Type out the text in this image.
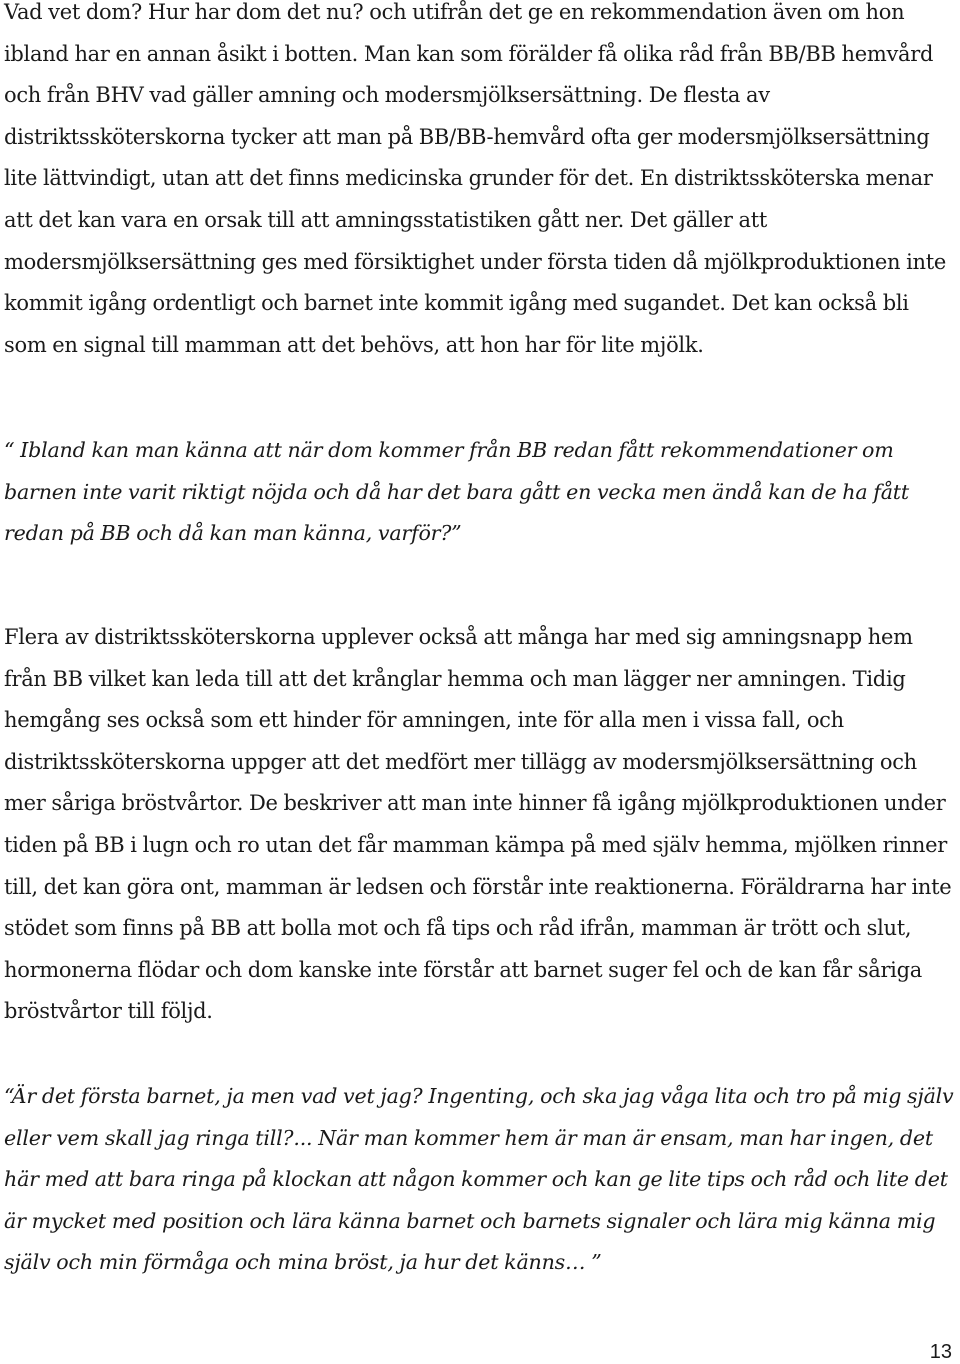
Vad vet dom? Hur har dom det nu? och utifrån det ge en rekommendation även om hon ibland har en annan åsikt i botten. Man kan som förälder få olika råd från BB/BB hemvård och från BHV vad gäller amning och modersmjölksersättning. De flesta av distriktssköterskorna tycker att man på BB/BB-hemvård ofta ger modersmjölksersättning lite lättvindigt, utan att det finns medicinska grunder för det. En distriktssköterska menar att det kan vara en orsak till att amningsstatistiken gått ner. Det gäller att modersmjölksersättning ges med försiktighet under första tiden då mjölkproduktionen inte kommit igång ordentligt och barnet inte kommit igång med sugandet. Det kan också bli som en signal till mamman att det behövs, att hon har för lite mjölk.

“ Ibland kan man känna att när dom kommer från BB redan fått rekommendationer om barnen inte varit riktigt nöjda och då har det bara gått en vecka men ändå kan de ha fått redan på BB och då kan man känna, varför?”

Flera av distriktssköterskorna upplever också att många har med sig amningsnapp hem från BB vilket kan leda till att det krånglar hemma och man lägger ner amningen. Tidig hemgång ses också som ett hinder för amningen, inte för alla men i vissa fall, och distriktssköterskorna uppger att det medfört mer tillägg av modersmjölksersättning och mer såriga bröstvårtor. De beskriver att man inte hinner få igång mjölkproduktionen under tiden på BB i lugn och ro utan det får mamman kämpa på med själv hemma, mjölken rinner till, det kan göra ont, mamman är ledsen och förstår inte reaktionerna. Föräldrarna har inte stödet som finns på BB att bolla mot och få tips och råd ifrån, mamman är trött och slut, hormonerna flödar och dom kanske inte förstår att barnet suger fel och de kan får såriga bröstvårtor till följd.

“Är det första barnet, ja men vad vet jag? Ingenting, och ska jag våga lita och tro på mig själv eller vem skall jag ringa till?... När man kommer hem är man är ensam, man har ingen, det här med att bara ringa på klockan att någon kommer och kan ge lite tips och råd och lite det är mycket med position och lära känna barnet och barnets signaler och lära mig känna mig själv och min förmåga och mina bröst, ja hur det känns… ”

13
